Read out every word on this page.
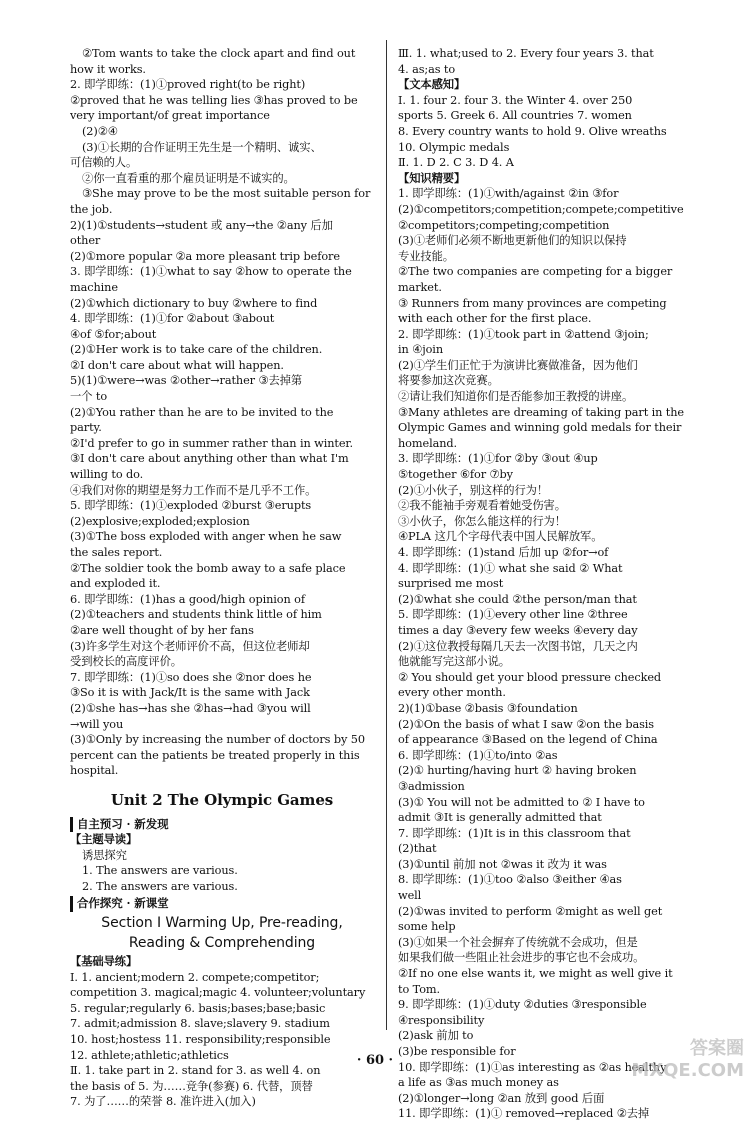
②Tom wants to take the clock apart and find out
how it works.
2. 即学即练：(1)①proved right(to be right)
②proved that he was telling lies ③has proved to be
very important/of great importance
(2)②④
(3)①长期的合作证明王先生是一个精明、诚实、
可信赖的人。
②你一直看重的那个雇员证明是不诚实的。
③She may prove to be the most suitable person for
the job.
2)(1)①students→student 或 any→the ②any 后加
other
(2)①more popular ②a more pleasant trip before
3. 即学即练：(1)①what to say ②how to operate the
machine
(2)①which dictionary to buy ②where to find
4. 即学即练：(1)①for ②about ③about
④of ⑤for;about
(2)①Her work is to take care of the children.
②I don't care about what will happen.
5)(1)①were→was ②other→rather ③去掉第
一个 to
(2)①You rather than he are to be invited to the
party.
②I'd prefer to go in summer rather than in winter.
③I don't care about anything other than what I'm
willing to do.
④我们对你的期望是努力工作而不是几乎不工作。
5. 即学即练：(1)①exploded ②burst ③erupts
(2)explosive;exploded;explosion
(3)①The boss exploded with anger when he saw
the sales report.
②The soldier took the bomb away to a safe place
and exploded it.
6. 即学即练：(1)has a good/high opinion of
(2)①teachers and students think little of him
②are well thought of by her fans
(3)许多学生对这个老师评价不高，但这位老师却
受到校长的高度评价。
7. 即学即练：(1)①so does she ②nor does he
③So it is with Jack/It is the same with Jack
(2)①she has→has she ②has→had ③you will
→will you
(3)①Only by increasing the number of doctors by 50
percent can the patients be treated properly in this
hospital.
Unit 2 The Olympic Games
自主预习 · 新发现
【主题导读】
诱思探究
1. The answers are various.
2. The answers are various.
合作探究 · 新课堂
Section Ⅰ Warming Up, Pre-reading,
Reading & Comprehending
【基础导练】
Ⅰ. 1. ancient;modern 2. compete;competitor;
competition 3. magical;magic 4. volunteer;voluntary
5. regular;regularly 6. basis;bases;base;basic
7. admit;admission 8. slave;slavery 9. stadium
10. host;hostess 11. responsibility;responsible
12. athlete;athletic;athletics
Ⅱ. 1. take part in 2. stand for 3. as well 4. on
the basis of 5. 为……竞争(参赛) 6. 代替，顶替
7. 为了……的荣誉 8. 准许进入(加入)
Ⅲ. 1. what;used to 2. Every four years 3. that
4. as;as to
【文本感知】
Ⅰ. 1. four 2. four 3. the Winter 4. over 250
sports 5. Greek 6. All countries 7. women
8. Every country wants to hold 9. Olive wreaths
10. Olympic medals
Ⅱ. 1. D 2. C 3. D 4. A
【知识精要】
1. 即学即练：(1)①with/against ②in ③for
(2)①competitors;competition;compete;competitive
②competitors;competing;competition
(3)①老师们必须不断地更新他们的知识以保持
专业技能。
②The two companies are competing for a bigger
market.
③ Runners from many provinces are competing
with each other for the first place.
2. 即学即练：(1)①took part in ②attend ③join;
in ④join
(2)①学生们正忙于为演讲比赛做准备，因为他们
将要参加这次竞赛。
②请让我们知道你们是否能参加王教授的讲座。
③Many athletes are dreaming of taking part in the
Olympic Games and winning gold medals for their
homeland.
3. 即学即练：(1)①for ②by ③out ④up
⑤together ⑥for ⑦by
(2)①小伙子，别这样的行为！
②我不能袖手旁观看着她受伤害。
③小伙子，你怎么能这样的行为！
④PLA 这几个字母代表中国人民解放军。
4. 即学即练：(1)stand 后加 up ②for→of
4. 即学即练：(1)① what she said ② What
surprised me most
(2)①what she could ②the person/man that
5. 即学即练：(1)①every other line ②three
times a day ③every few weeks ④every day
(2)①这位教授每隔几天去一次图书馆，几天之内
他就能写完这部小说。
② You should get your blood pressure checked
every other month.
2)(1)①base ②basis ③foundation
(2)①On the basis of what I saw ②on the basis
of appearance ③Based on the legend of China
6. 即学即练：(1)①to/into ②as
(2)① hurting/having hurt ② having broken
③admission
(3)① You will not be admitted to ② I have to
admit ③It is generally admitted that
7. 即学即练：(1)It is in this classroom that
(2)that
(3)①until 前加 not ②was it 改为 it was
8. 即学即练：(1)①too ②also ③either ④as
well
(2)①was invited to perform ②might as well get
some help
(3)①如果一个社会摒弃了传统就不会成功，但是
如果我们做一些阻止社会进步的事它也不会成功。
②If no one else wants it, we might as well give it
to Tom.
9. 即学即练：(1)①duty ②duties ③responsible
④responsibility
(2)ask 前加 to
(3)be responsible for
10. 即学即练：(1)①as interesting as ②as healthy
a life as ③as much money as
(2)①longer→long ②an 放到 good 后面
11. 即学即练：(1)① removed→replaced ②去掉
· 60 ·
答案圈 MXQE.COM
